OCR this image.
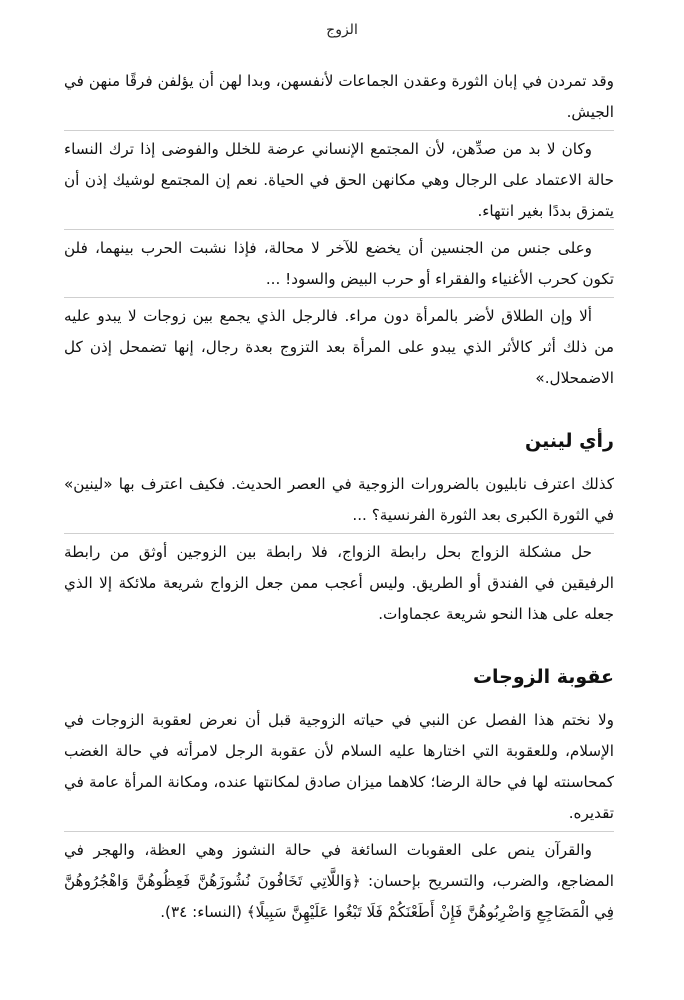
الزوج

وقد تمردن في إبان الثورة وعقدن الجماعات لأنفسهن، وبدا لهن أن يؤلفن فرقًا منهن في الجيش.

وكان لا بد من صدِّهن، لأن المجتمع الإنساني عرضة للخلل والفوضى إذا ترك النساء حالة الاعتماد على الرجال وهي مكانهن الحق في الحياة. نعم إن المجتمع لوشيك إذن أن يتمزق بددًا بغير انتهاء.

وعلى جنس من الجنسين أن يخضع للآخر لا محالة، فإذا نشبت الحرب بينهما، فلن تكون كحرب الأغنياء والفقراء أو حرب البيض والسود! ...

ألا وإن الطلاق لأضر بالمرأة دون مراء. فالرجل الذي يجمع بين زوجات لا يبدو عليه من ذلك أثر كالأثر الذي يبدو على المرأة بعد التزوج بعدة رجال، إنها تضمحل إذن كل الاضمحلال.»

رأي لينين

كذلك اعترف نابليون بالضرورات الزوجية في العصر الحديث. فكيف اعترف بها «لينين» في الثورة الكبرى بعد الثورة الفرنسية؟ ...

حل مشكلة الزواج بحل رابطة الزواج، فلا رابطة بين الزوجين أوثق من رابطة الرفيقين في الفندق أو الطريق. وليس أعجب ممن جعل الزواج شريعة ملائكة إلا الذي جعله على هذا النحو شريعة عجماوات.

عقوبة الزوجات

ولا نختم هذا الفصل عن النبي في حياته الزوجية قبل أن نعرض لعقوبة الزوجات في الإسلام، وللعقوبة التي اختارها عليه السلام لأن عقوبة الرجل لامرأته في حالة الغضب كمحاسنته لها في حالة الرضا؛ كلاهما ميزان صادق لمكانتها عنده، ومكانة المرأة عامة في تقديره.

والقرآن ينص على العقوبات السائغة في حالة النشوز وهي العظة، والهجر في المضاجع، والضرب، والتسريح بإحسان: ﴿وَاللَّاتِي تَخَافُونَ نُشُوزَهُنَّ فَعِظُوهُنَّ وَاهْجُرُوهُنَّ فِي الْمَضَاجِعِ وَاضْرِبُوهُنَّ فَإِنْ أَطَعْنَكُمْ فَلَا تَبْغُوا عَلَيْهِنَّ سَبِيلًا﴾ (النساء: ٣٤).
